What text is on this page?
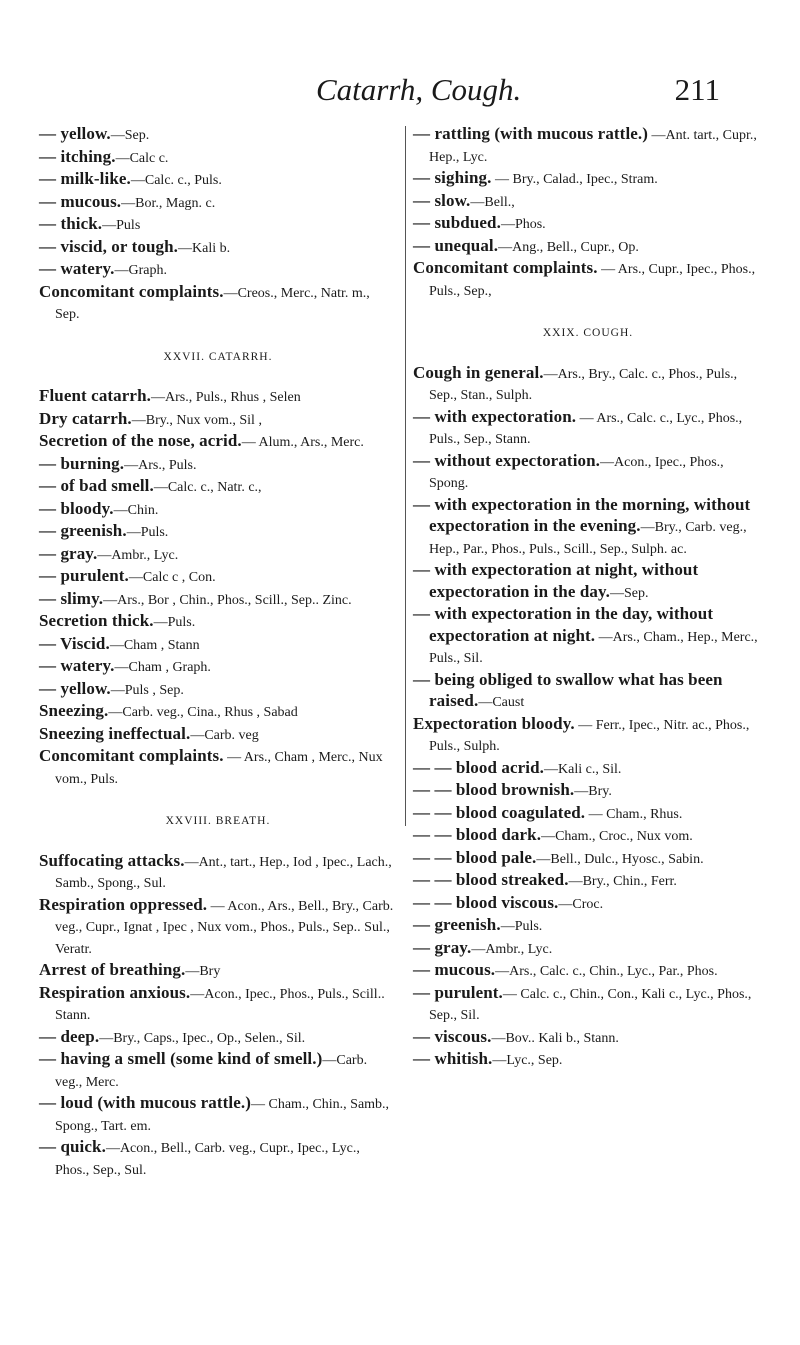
Catarrh, Cough.	211

— yellow.—Sep.

— itching.—Calc c.

— milk-like.—Calc. c., Puls.

— mucous.—Bor., Magn. c.

— thick.—Puls

— viscid, or tough.—Kali b.

— watery.—Graph.

Concomitant complaints.—Creos., Merc., Natr. m., Sep.

XXVII. CATARRH.

Fluent catarrh.—Ars., Puls., Rhus , Selen

Dry catarrh.—Bry., Nux vom., Sil ,

Secretion of the nose, acrid.— Alum., Ars., Merc.

— burning.—Ars., Puls.

— of bad smell.—Calc. c., Natr. c.,

— bloody.—Chin.

— greenish.—Puls.

— gray.—Ambr., Lyc.

— purulent.—Calc c , Con.

— slimy.—Ars., Bor , Chin., Phos., Scill., Sep.. Zinc.

Secretion thick.—Puls.

— Viscid.—Cham , Stann

— watery.—Cham , Graph.

— yellow.—Puls , Sep.

Sneezing.—Carb. veg., Cina., Rhus , Sabad

Sneezing ineffectual.—Carb. veg

Concomitant complaints. — Ars., Cham , Merc., Nux vom., Puls.

XXVIII. BREATH.

Suffocating attacks.—Ant., tart., Hep., Iod , Ipec., Lach., Samb., Spong., Sul.

Respiration oppressed. — Acon., Ars., Bell., Bry., Carb. veg., Cupr., Ignat , Ipec , Nux vom., Phos., Puls., Sep.. Sul., Veratr.

Arrest of breathing.—Bry

Respiration anxious.—Acon., Ipec., Phos., Puls., Scill.. Stann.

— deep.—Bry., Caps., Ipec., Op., Selen., Sil.

— having a smell (some kind of smell.)—Carb. veg., Merc.

— loud (with mucous rattle.)— Cham., Chin., Samb., Spong., Tart. em.

— quick.—Acon., Bell., Carb. veg., Cupr., Ipec., Lyc., Phos., Sep., Sul.

— rattling (with mucous rattle.) —Ant. tart., Cupr., Hep., Lyc.

— sighing. — Bry., Calad., Ipec., Stram.

— slow.—Bell.,

— subdued.—Phos.

— unequal.—Ang., Bell., Cupr., Op.

Concomitant complaints. — Ars., Cupr., Ipec., Phos., Puls., Sep.,

XXIX. COUGH.

Cough in general.—Ars., Bry., Calc. c., Phos., Puls., Sep., Stan., Sulph.

— with expectoration. — Ars., Calc. c., Lyc., Phos., Puls., Sep., Stann.

— without expectoration.—Acon., Ipec., Phos., Spong.

— with expectoration in the morning, without expectoration in the evening.—Bry., Carb. veg., Hep., Par., Phos., Puls., Scill., Sep., Sulph. ac.

— with expectoration at night, without expectoration in the day.—Sep.

— with expectoration in the day, without expectoration at night. —Ars., Cham., Hep., Merc., Puls., Sil.

— being obliged to swallow what has been raised.—Caust

Expectoration bloody. — Ferr., Ipec., Nitr. ac., Phos., Puls., Sulph.

— — blood acrid.—Kali c., Sil.

— — blood brownish.—Bry.

— — blood coagulated. — Cham., Rhus.

— — blood dark.—Cham., Croc., Nux vom.

— — blood pale.—Bell., Dulc., Hyosc., Sabin.

— — blood streaked.—Bry., Chin., Ferr.

— — blood viscous.—Croc.

— greenish.—Puls.

— gray.—Ambr., Lyc.

— mucous.—Ars., Calc. c., Chin., Lyc., Par., Phos.

— purulent.— Calc. c., Chin., Con., Kali c., Lyc., Phos., Sep., Sil.

— viscous.—Bov.. Kali b., Stann.

— whitish.—Lyc., Sep.
